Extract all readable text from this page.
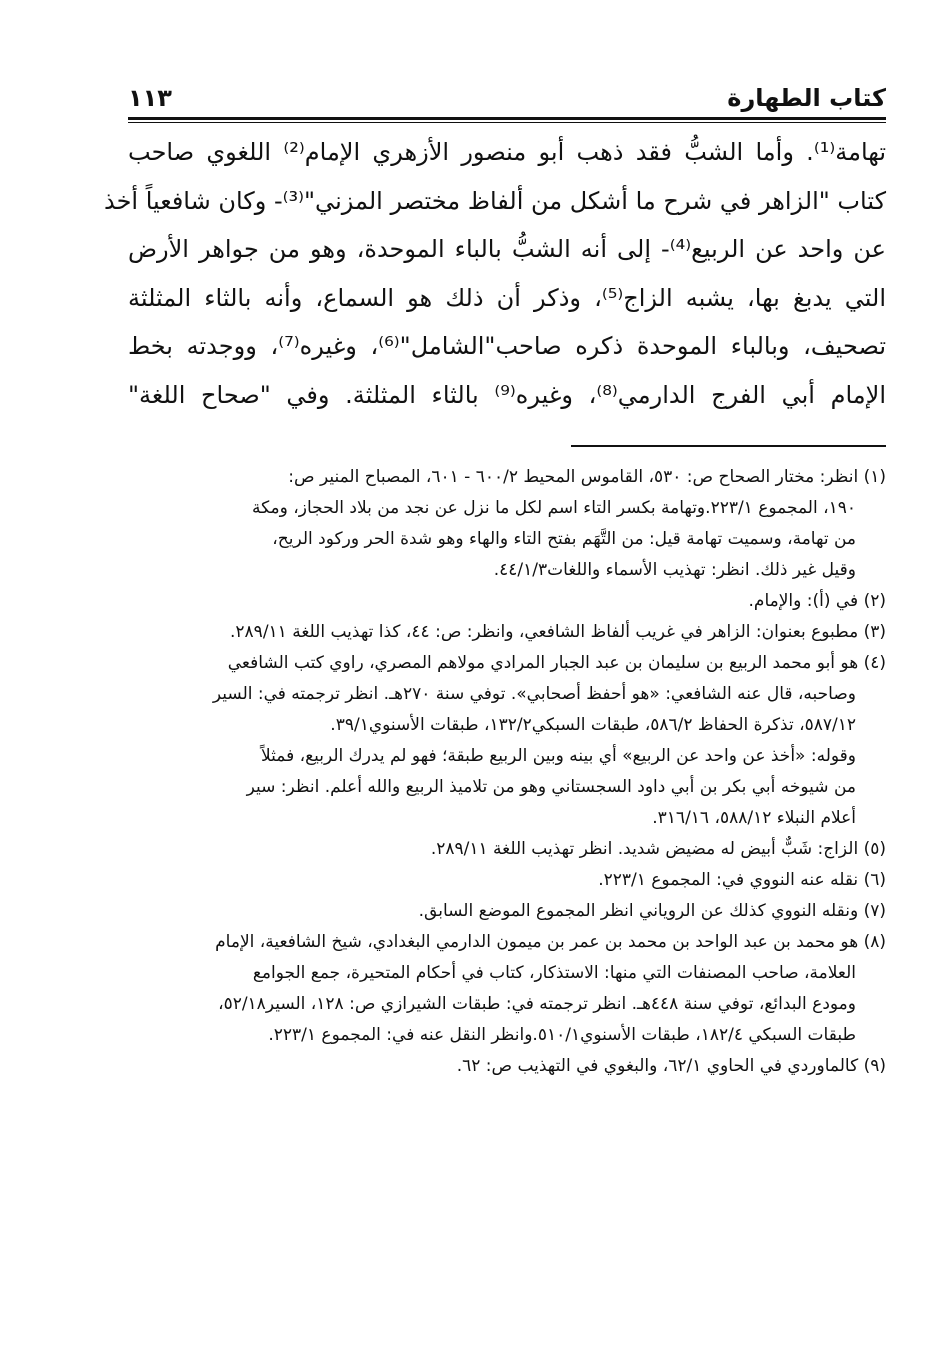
كتاب الطهارة
١١٣
تهامة⁽¹⁾. وأما الشبُّ فقد ذهب أبو منصور الأزهري الإمام⁽²⁾ اللغوي صاحب
كتاب "الزاهر في شرح ما أشكل من ألفاظ مختصر المزني"⁽³⁾- وكان شافعياً أخذ
عن واحد عن الربيع⁽⁴⁾- إلى أنه الشبُّ بالباء الموحدة، وهو من جواهر الأرض
التي يدبغ بها، يشبه الزاج⁽⁵⁾، وذكر أن ذلك هو السماع، وأنه بالثاء المثلثة
تصحيف، وبالباء الموحدة ذكره صاحب"الشامل"⁽⁶⁾، وغيره⁽⁷⁾، ووجدته بخط
الإمام أبي الفرج الدارمي⁽⁸⁾، وغيره⁽⁹⁾ بالثاء المثلثة. وفي "صحاح اللغة"
(١) انظر: مختار الصحاح ص: ٥٣٠، القاموس المحيط ٦٠٠/٢ - ٦٠١، المصباح المنير ص:
١٩٠، المجموع ٢٢٣/١.وتهامة بكسر التاء اسم لكل ما نزل عن نجد من بلاد الحجاز، ومكة
من تهامة، وسميت تهامة قيل: من التَّهَم بفتح التاء والهاء وهو شدة الحر وركود الريح،
وقيل غير ذلك. انظر: تهذيب الأسماء واللغات٤٤/١/٣.
(٢) في (أ): والإمام.
(٣) مطبوع بعنوان: الزاهر في غريب ألفاظ الشافعي، وانظر: ص: ٤٤، كذا تهذيب اللغة ٢٨٩/١١.
(٤) هو أبو محمد الربيع بن سليمان بن عبد الجبار المرادي مولاهم المصري، راوي كتب الشافعي
وصاحبه، قال عنه الشافعي: «هو أحفظ أصحابي». توفي سنة ٢٧٠هـ. انظر ترجمته في: السير
٥٨٧/١٢، تذكرة الحفاظ ٥٨٦/٢، طبقات السبكي١٣٢/٢، طبقات الأسنوي٣٩/١.
وقوله: «أخذ عن واحد عن الربيع» أي بينه وبين الربيع طبقة؛ فهو لم يدرك الربيع، فمثلاً
من شيوخه أبي بكر بن أبي داود السجستاني وهو من تلاميذ الربيع والله أعلم. انظر: سير
أعلام النبلاء ٥٨٨/١٢، ٣١٦/١٦.
(٥) الزاج: شَبٌّ أبيض له مضيض شديد. انظر تهذيب اللغة ٢٨٩/١١.
(٦) نقله عنه النووي في: المجموع ٢٢٣/١.
(٧) ونقله النووي كذلك عن الروياني انظر المجموع الموضع السابق.
(٨) هو محمد بن عبد الواحد بن محمد بن عمر بن ميمون الدارمي البغدادي، شيخ الشافعية، الإمام
العلامة، صاحب المصنفات التي منها: الاستذكار، كتاب في أحكام المتحيرة، جمع الجوامع
ومودع البدائع، توفي سنة ٤٤٨هـ. انظر ترجمته في: طبقات الشيرازي ص: ١٢٨، السير٥٢/١٨،
طبقات السبكي ١٨٢/٤، طبقات الأسنوي٥١٠/١.وانظر النقل عنه في: المجموع ٢٢٣/١.
(٩) كالماوردي في الحاوي ٦٢/١، والبغوي في التهذيب ص: ٦٢.
